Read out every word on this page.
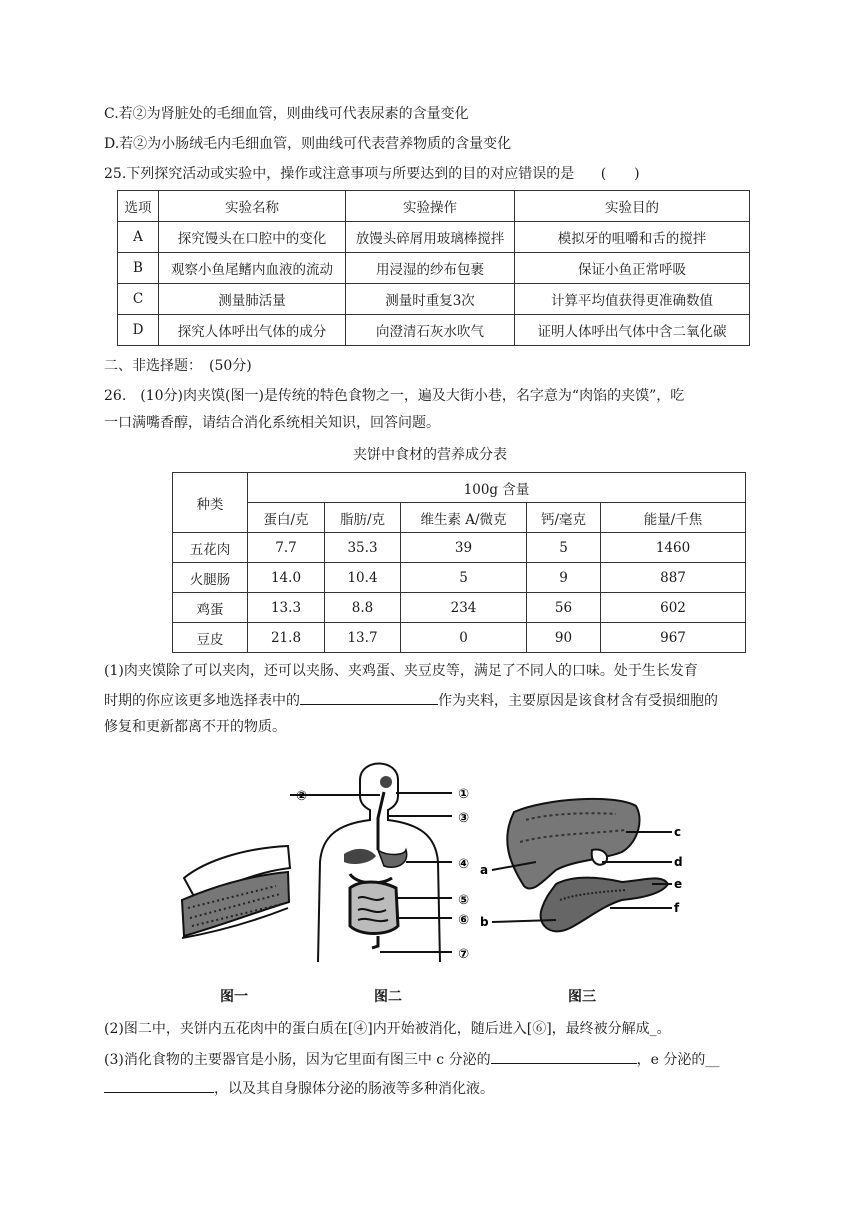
C.若②为肾脏处的毛细血管，则曲线可代表尿素的含量变化
D.若②为小肠绒毛内毛细血管，则曲线可代表营养物质的含量变化
25.下列探究活动或实验中，操作或注意事项与所要达到的目的对应错误的是 (　　)
选项	实验名称	实验操作	实验目的
A	探究馒头在口腔中的变化	放馒头碎屑用玻璃棒搅拌	模拟牙的咀嚼和舌的搅拌
B	观察小鱼尾鳍内血液的流动	用浸湿的纱布包裹	保证小鱼正常呼吸
C	测量肺活量	测量时重复3次	计算平均值获得更准确数值
D	探究人体呼出气体的成分	向澄清石灰水吹气	证明人体呼出气体中含二氧化碳
二、非选择题：　(50分)
26.　(10分)肉夹馍(图一)是传统的特色食物之一，遍及大街小巷，名字意为“肉馅的夹馍”，吃
一口满嘴香醇，请结合消化系统相关知识，回答问题。
夹饼中食材的营养成分表
种类	100g 含量				
	蛋白/克	脂肪/克	维生素 A/微克	钙/毫克	能量/千焦
五花肉	7.7	35.3	39	5	1460
火腿肠	14.0	10.4	5	9	887
鸡蛋	13.3	8.8	234	56	602
豆皮	21.8	13.7	0	90	967
(1)肉夹馍除了可以夹肉，还可以夹肠、夹鸡蛋、夹豆皮等，满足了不同人的口味。处于生长发育
时期的你应该更多地选择表中的	作为夹料，主要原因是该食材含有受损细胞的
修复和更新都离不开的物质。
②	①
③
④
⑤
⑥
⑦
a
b
c
d
e
f
图一	图二	图三
(2)图二中，夹饼内五花肉中的蛋白质在[④]内开始被消化，随后进入[⑥]，最终被分解成_。
(3)消化食物的主要器官是小肠，因为它里面有图三中 c 分泌的	，e 分泌的__
，以及其自身腺体分泌的肠液等多种消化液。
